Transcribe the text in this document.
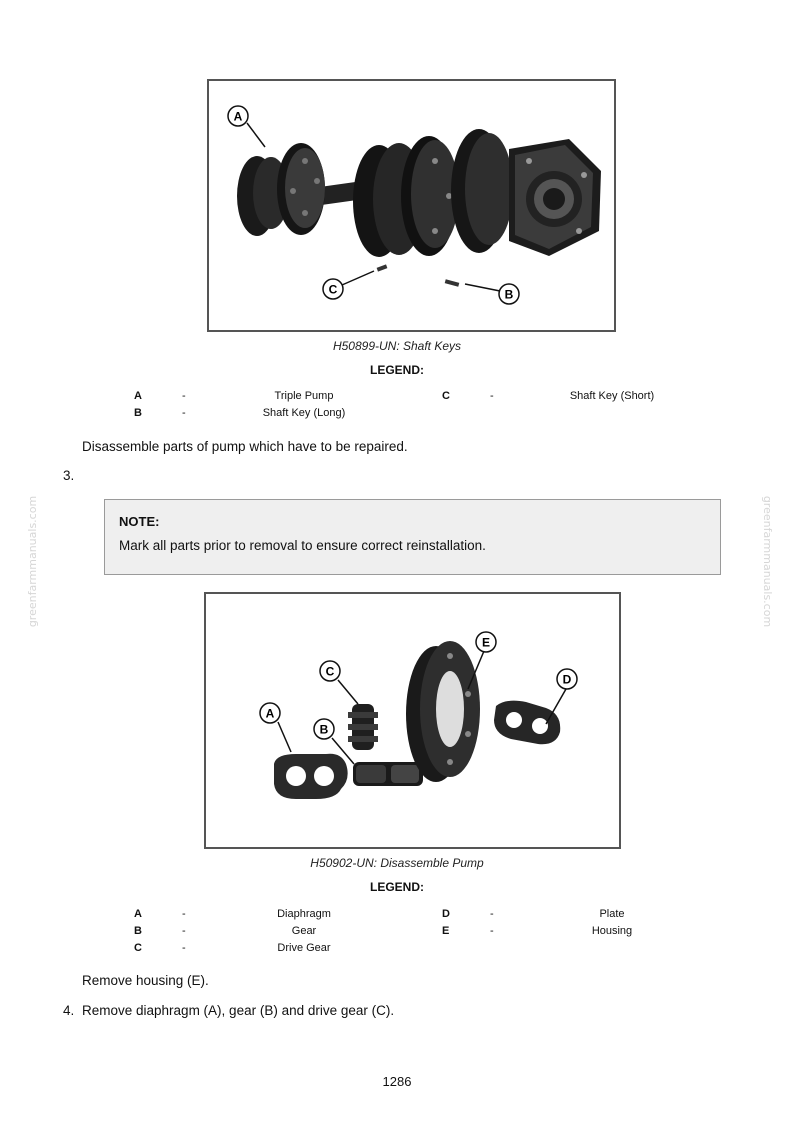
greenfarmmanuals.com	greenfarmmanuals.com
A
C	B
H50899-UN: Shaft Keys
LEGEND:
A	-	Triple Pump
B	-	Shaft Key (Long)
C	-	Shaft Key (Short)
Disassemble parts of pump which have to be repaired.
3.
NOTE:
Mark all parts prior to removal to ensure correct reinstallation.
A
B
C
D
E
H50902-UN: Disassemble Pump
LEGEND:
A	-	Diaphragm
B	-	Gear
C	-	Drive Gear
D	-	Plate
E	-	Housing
Remove housing (E).
4. Remove diaphragm (A), gear (B) and drive gear (C).
1286
